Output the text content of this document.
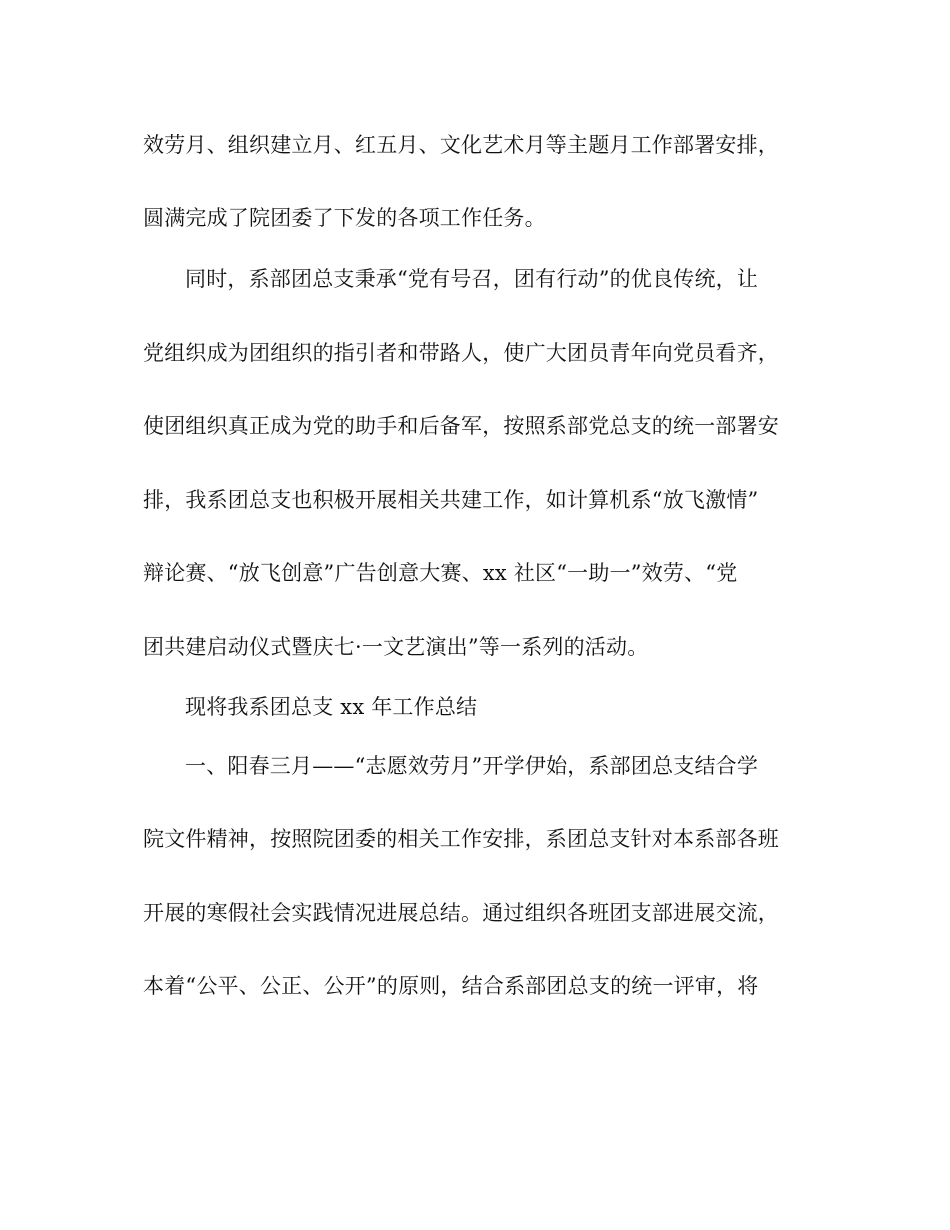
效劳月、组织建立月、红五月、文化艺术月等主题月工作部署安排，

圆满完成了院团委了下发的各项工作任务。

同时，系部团总支秉承“党有号召，团有行动”的优良传统，让

党组织成为团组织的指引者和带路人，使广大团员青年向党员看齐，

使团组织真正成为党的助手和后备军，按照系部党总支的统一部署安

排，我系团总支也积极开展相关共建工作，如计算机系“放飞激情”

辩论赛、“放飞创意”广告创意大赛、xx 社区“一助一”效劳、“党

团共建启动仪式暨庆七·一文艺演出”等一系列的活动。

现将我系团总支 xx 年工作总结

一、阳春三月——“志愿效劳月”开学伊始，系部团总支结合学

院文件精神，按照院团委的相关工作安排，系团总支针对本系部各班

开展的寒假社会实践情况进展总结。通过组织各班团支部进展交流，

本着“公平、公正、公开”的原则，结合系部团总支的统一评审，将
